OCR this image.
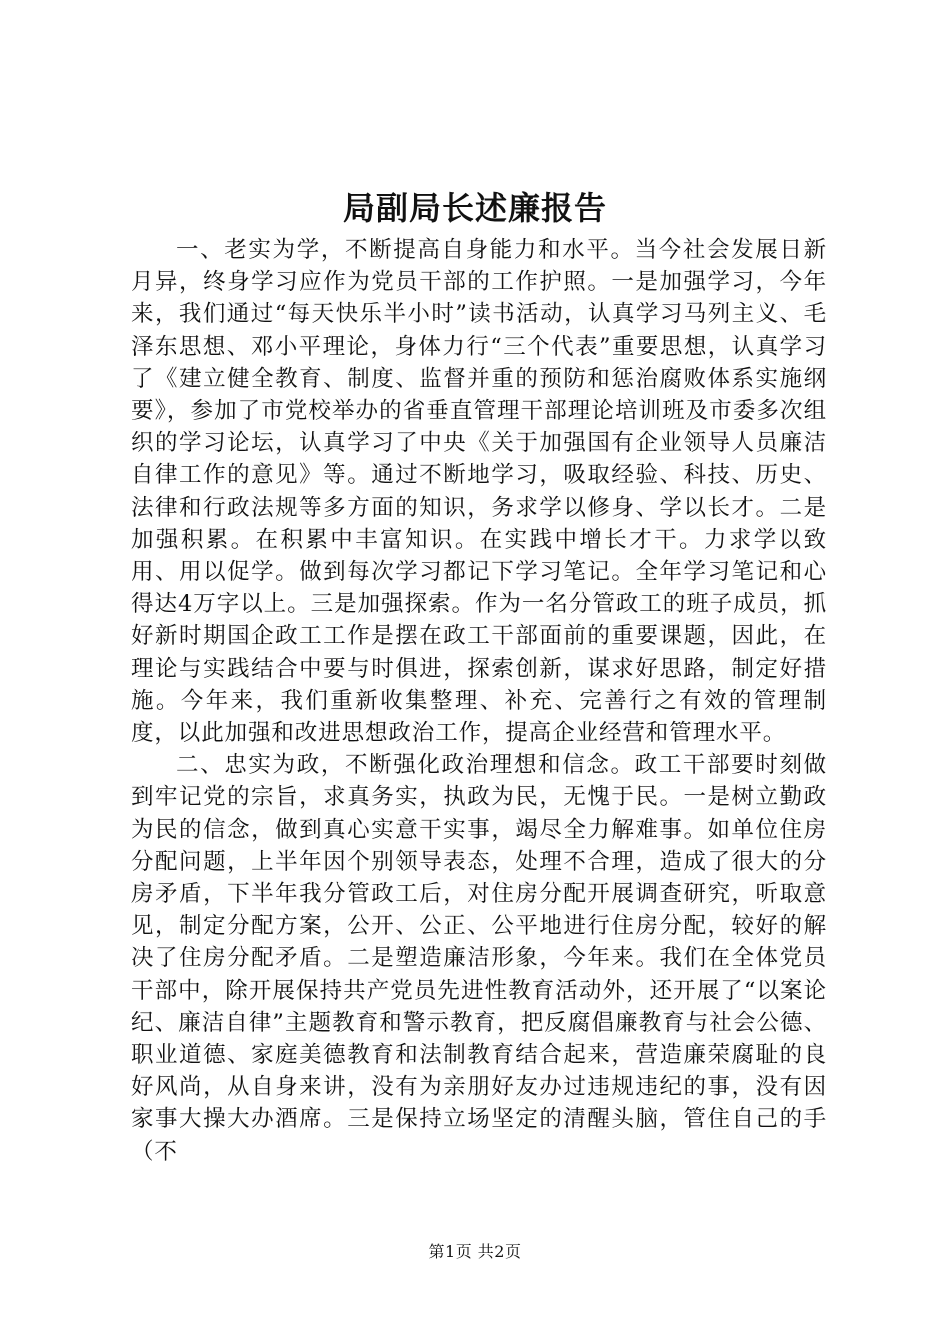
局副局长述廉报告

一、老实为学，不断提高自身能力和水平。当今社会发展日新月异，终身学习应作为党员干部的工作护照。一是加强学习，今年来，我们通过“每天快乐半小时”读书活动，认真学习马列主义、毛泽东思想、邓小平理论，身体力行“三个代表”重要思想，认真学习了《建立健全教育、制度、监督并重的预防和惩治腐败体系实施纲要》，参加了市党校举办的省垂直管理干部理论培训班及市委多次组织的学习论坛，认真学习了中央《关于加强国有企业领导人员廉洁自律工作的意见》等。通过不断地学习，吸取经验、科技、历史、法律和行政法规等多方面的知识，务求学以修身、学以长才。二是加强积累。在积累中丰富知识。在实践中增长才干。力求学以致用、用以促学。做到每次学习都记下学习笔记。全年学习笔记和心得达4万字以上。三是加强探索。作为一名分管政工的班子成员，抓好新时期国企政工工作是摆在政工干部面前的重要课题，因此，在理论与实践结合中要与时俱进，探索创新，谋求好思路，制定好措施。今年来，我们重新收集整理、补充、完善行之有效的管理制度，以此加强和改进思想政治工作，提高企业经营和管理水平。

二、忠实为政，不断强化政治理想和信念。政工干部要时刻做到牢记党的宗旨，求真务实，执政为民，无愧于民。一是树立勤政为民的信念，做到真心实意干实事，竭尽全力解难事。如单位住房分配问题，上半年因个别领导表态，处理不合理，造成了很大的分房矛盾，下半年我分管政工后，对住房分配开展调查研究，听取意见，制定分配方案，公开、公正、公平地进行住房分配，较好的解决了住房分配矛盾。二是塑造廉洁形象，今年来。我们在全体党员干部中，除开展保持共产党员先进性教育活动外，还开展了“以案论纪、廉洁自律”主题教育和警示教育，把反腐倡廉教育与社会公德、职业道德、家庭美德教育和法制教育结合起来，营造廉荣腐耻的良好风尚，从自身来讲，没有为亲朋好友办过违规违纪的事，没有因家事大操大办酒席。三是保持立场坚定的清醒头脑，管住自己的手（不

第1页 共2页
